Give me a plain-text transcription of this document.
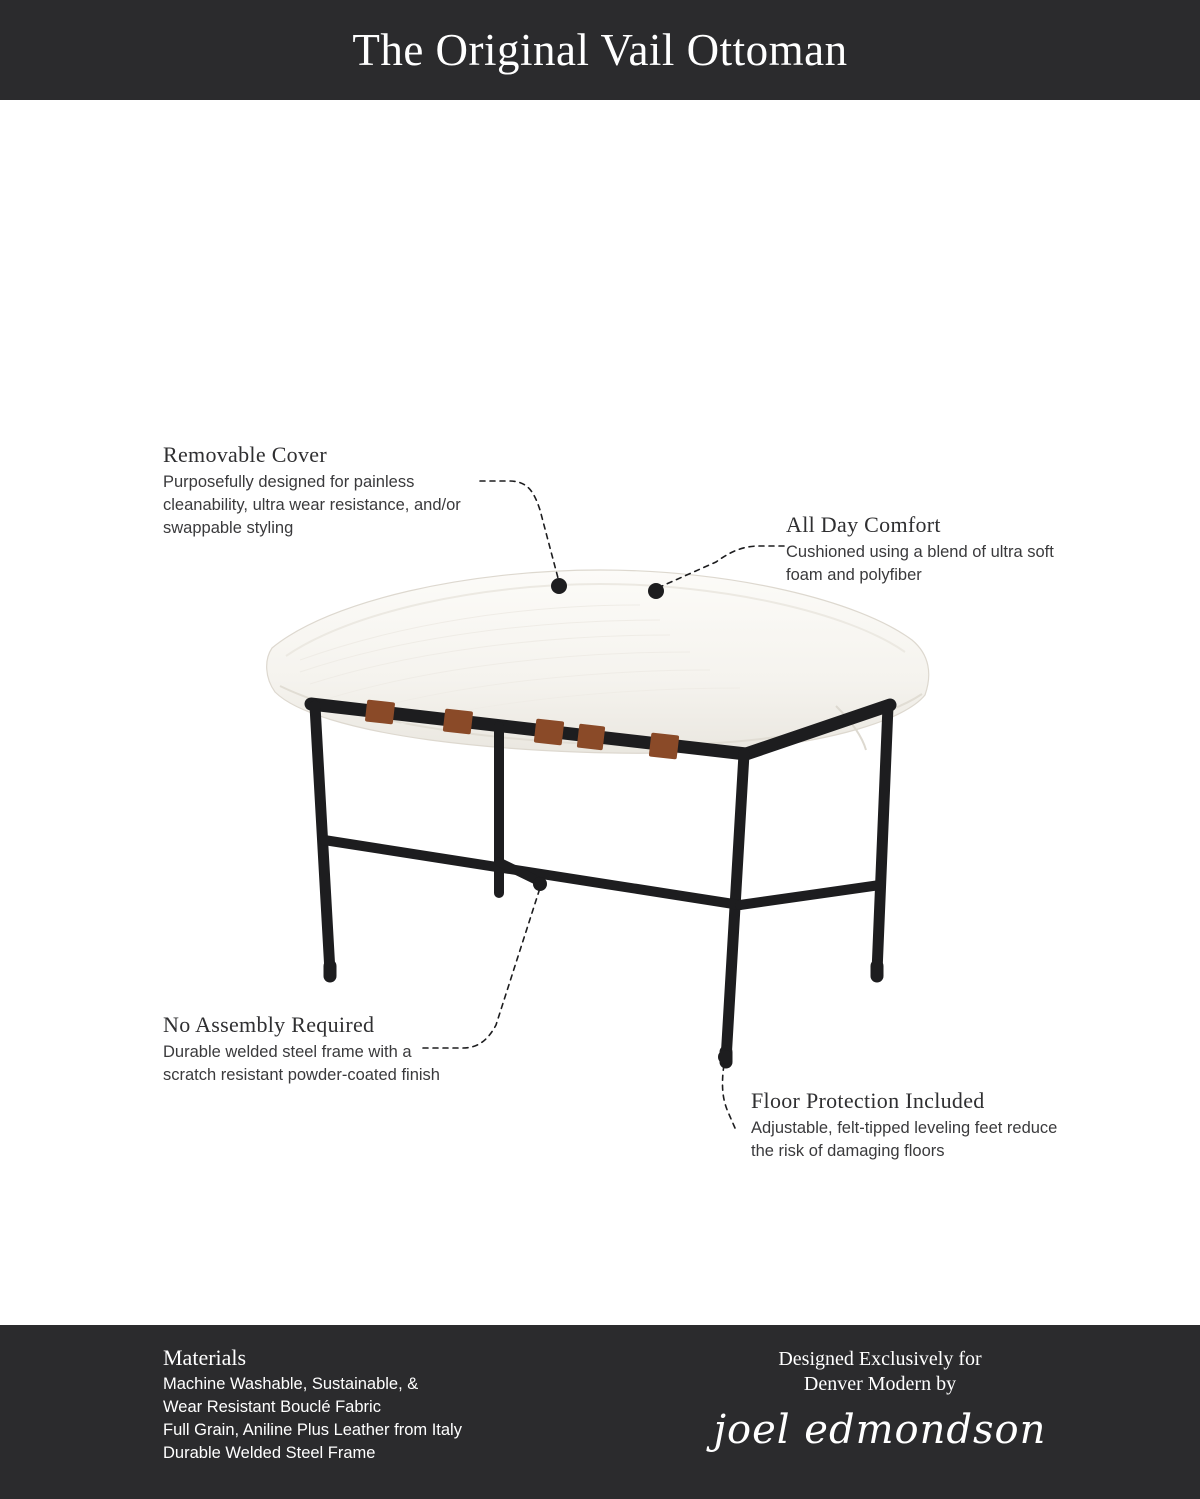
The Original Vail Ottoman
Removable Cover
Purposefully designed for painless cleanability, ultra wear resistance, and/or swappable styling	All Day Comfort
Cushioned using a blend of ultra soft foam and polyfiber
No Assembly Required
Durable welded steel frame with a scratch resistant powder-coated finish
Floor Protection Included
Adjustable, felt-tipped leveling feet reduce the risk of damaging floors
Materials
Machine Washable, Sustainable, &
Wear Resistant Bouclé Fabric
Full Grain, Aniline Plus Leather from Italy
Durable Welded Steel Frame
Designed Exclusively for
Denver Modern by
joel edmondson
